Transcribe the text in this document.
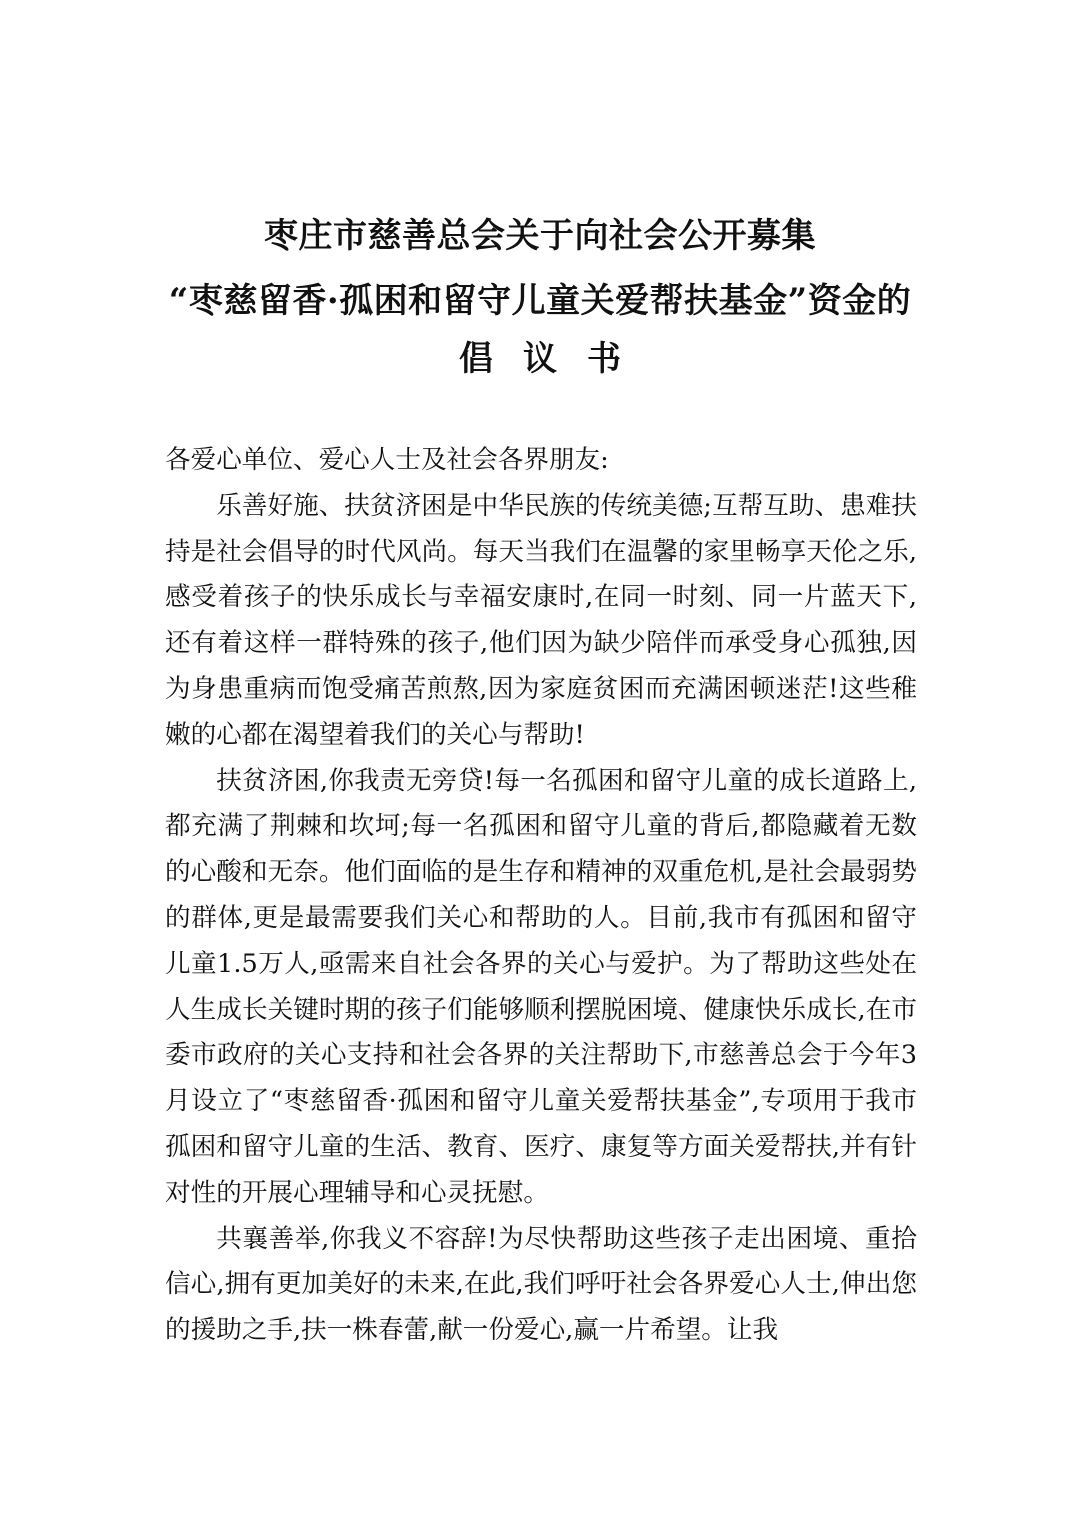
枣庄市慈善总会关于向社会公开募集
“枣慈留香·孤困和留守儿童关爱帮扶基金”资金的
倡议书

各爱心单位、爱心人士及社会各界朋友:

乐善好施、扶贫济困是中华民族的传统美德;互帮互助、患难扶持是社会倡导的时代风尚。每天当我们在温馨的家里畅享天伦之乐,感受着孩子的快乐成长与幸福安康时,在同一时刻、同一片蓝天下,还有着这样一群特殊的孩子,他们因为缺少陪伴而承受身心孤独,因为身患重病而饱受痛苦煎熬,因为家庭贫困而充满困顿迷茫!这些稚嫩的心都在渴望着我们的关心与帮助!

扶贫济困,你我责无旁贷!每一名孤困和留守儿童的成长道路上,都充满了荆棘和坎坷;每一名孤困和留守儿童的背后,都隐藏着无数的心酸和无奈。他们面临的是生存和精神的双重危机,是社会最弱势的群体,更是最需要我们关心和帮助的人。目前,我市有孤困和留守儿童1.5万人,亟需来自社会各界的关心与爱护。为了帮助这些处在人生成长关键时期的孩子们能够顺利摆脱困境、健康快乐成长,在市委市政府的关心支持和社会各界的关注帮助下,市慈善总会于今年3月设立了“枣慈留香·孤困和留守儿童关爱帮扶基金”,专项用于我市孤困和留守儿童的生活、教育、医疗、康复等方面关爱帮扶,并有针对性的开展心理辅导和心灵抚慰。

共襄善举,你我义不容辞!为尽快帮助这些孩子走出困境、重拾信心,拥有更加美好的未来,在此,我们呼吁社会各界爱心人士,伸出您的援助之手,扶一株春蕾,献一份爱心,赢一片希望。让我
